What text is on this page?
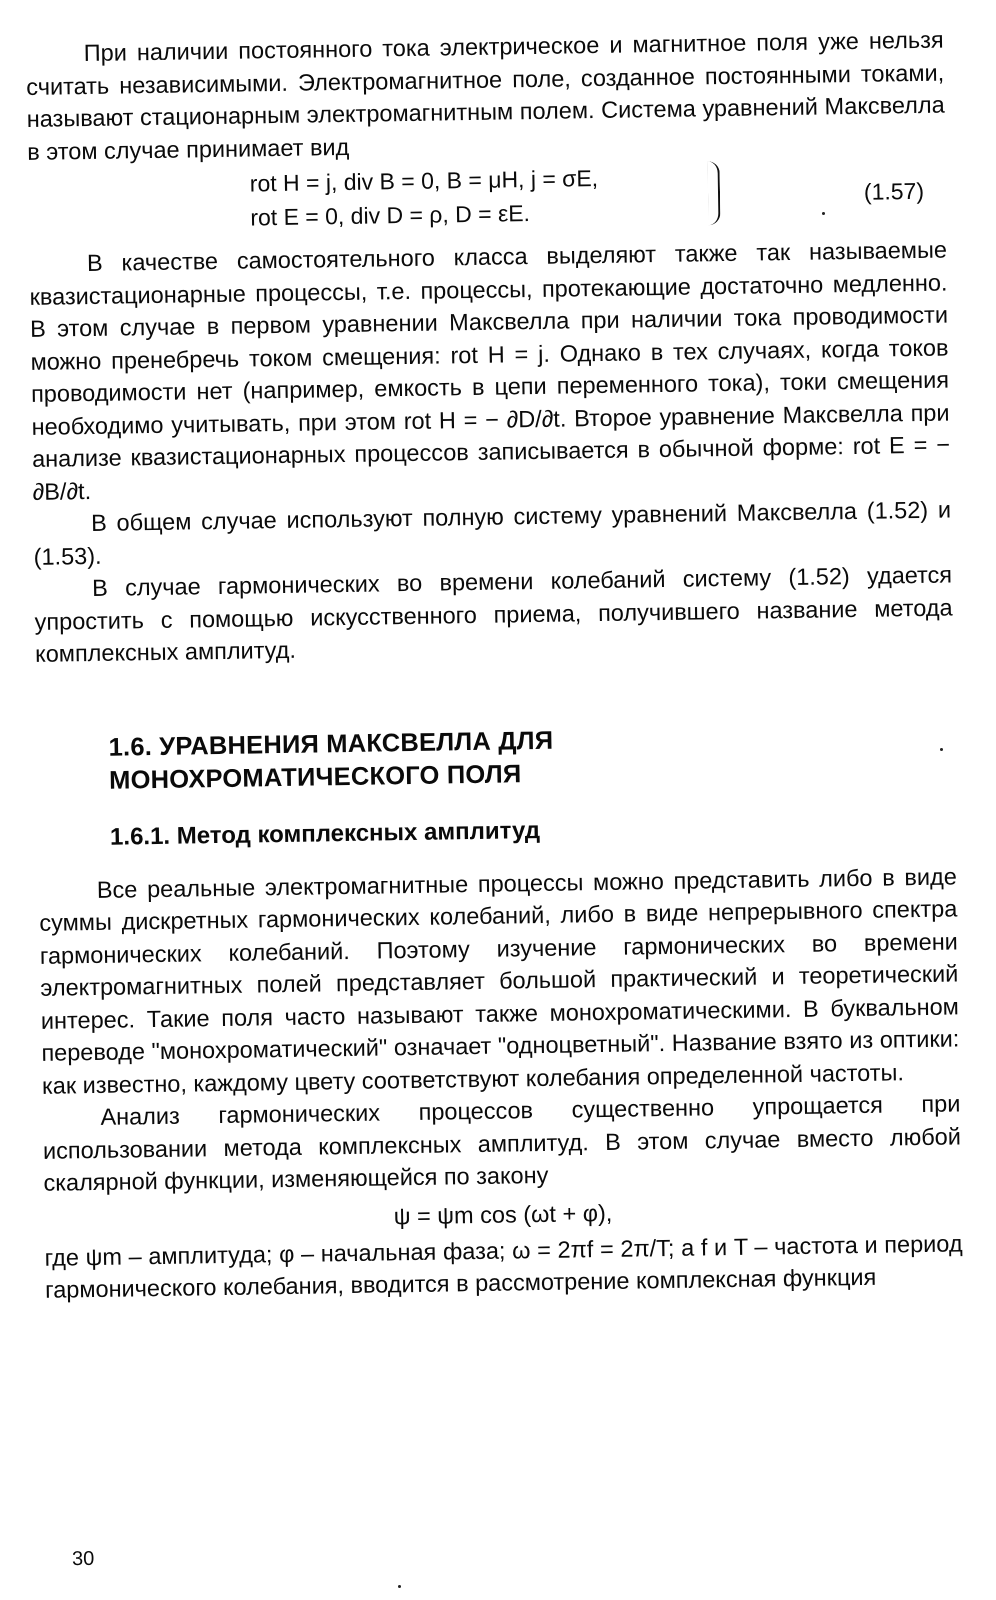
При наличии постоянного тока электрическое и магнитное поля уже нельзя считать независимыми. Электромагнитное поле, созданное постоянными токами, называют стационарным электромагнитным полем. Система уравнений Максвелла в этом случае принимает вид

rot H = j, div B = 0, B = μH, j = σE,
rot E = 0, div D = ρ, D = εE.
(1.57)

В качестве самостоятельного класса выделяют также так называемые квазистационарные процессы, т.е. процессы, протекающие достаточно медленно. В этом случае в первом уравнении Максвелла при наличии тока проводимости можно пренебречь током смещения: rot H = j. Однако в тех случаях, когда токов проводимости нет (например, емкость в цепи переменного тока), токи смещения необходимо учитывать, при этом rot H = − ∂D/∂t. Второе уравнение Максвелла при анализе квазистационарных процессов записывается в обычной форме: rot E = − ∂B/∂t.

В общем случае используют полную систему уравнений Максвелла (1.52) и (1.53).

В случае гармонических во времени колебаний систему (1.52) удается упростить с помощью искусственного приема, получившего название метода комплексных амплитуд.

1.6. УРАВНЕНИЯ МАКСВЕЛЛА ДЛЯ
МОНОХРОМАТИЧЕСКОГО ПОЛЯ
1.6.1. Метод комплексных амплитуд

Все реальные электромагнитные процессы можно представить либо в виде суммы дискретных гармонических колебаний, либо в виде непрерывного спектра гармонических колебаний. Поэтому изучение гармонических во времени электромагнитных полей представляет большой практический и теоретический интерес. Такие поля часто называют также монохроматическими. В буквальном переводе "монохроматический" означает "одноцветный". Название взято из оптики: как известно, каждому цвету соответствуют колебания определенной частоты.

Анализ гармонических процессов существенно упрощается при использовании метода комплексных амплитуд. В этом случае вместо любой скалярной функции, изменяющейся по закону

ψ = ψm cos (ωt + φ),

где ψm – амплитуда; φ – начальная фаза; ω = 2πf = 2π/T; а f и T – частота и период гармонического колебания, вводится в рассмотрение комплексная функция

30
